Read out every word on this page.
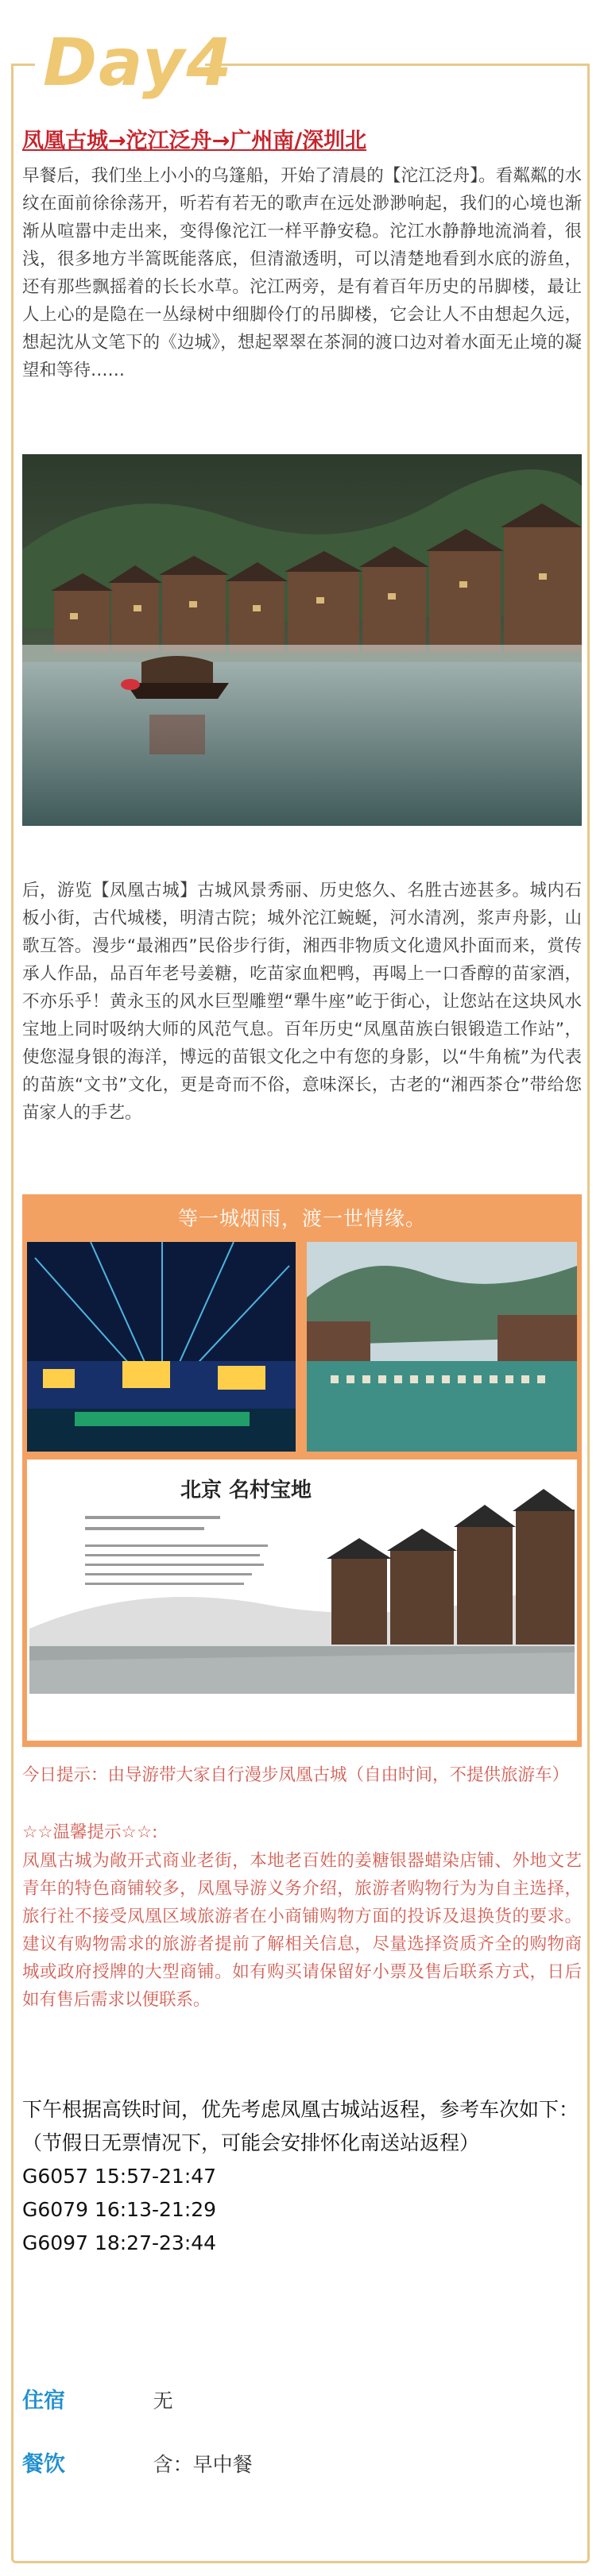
Day4
凤凰古城→沱江泛舟→广州南/深圳北

早餐后，我们坐上小小的乌篷船，开始了清晨的【沱江泛舟】。看粼粼的水纹在面前徐徐荡开，听若有若无的歌声在远处渺渺响起，我们的心境也渐渐从喧嚣中走出来，变得像沱江一样平静安稳。沱江水静静地流淌着，很浅，很多地方半篙既能落底，但清澈透明，可以清楚地看到水底的游鱼，还有那些飘摇着的长长水草。沱江两旁，是有着百年历史的吊脚楼，最让人上心的是隐在一丛绿树中细脚伶仃的吊脚楼，它会让人不由想起久远，想起沈从文笔下的《边城》，想起翠翠在茶洞的渡口边对着水面无止境的凝望和等待……

后，游览【凤凰古城】古城风景秀丽、历史悠久、名胜古迹甚多。城内石板小街，古代城楼，明清古院；城外沱江蜿蜒，河水清冽，浆声舟影，山歌互答。漫步“最湘西”民俗步行街，湘西非物质文化遗风扑面而来，赏传承人作品，品百年老号姜糖，吃苗家血粑鸭，再喝上一口香醇的苗家酒，不亦乐乎！黄永玉的风水巨型雕塑“犟牛座”屹于街心，让您站在这块风水宝地上同时吸纳大师的风范气息。百年历史“凤凰苗族白银锻造工作站”，使您湿身银的海洋，博远的苗银文化之中有您的身影，以“牛角梳”为代表的苗族“文书”文化，更是奇而不俗，意味深长，古老的“湘西茶仓”带给您苗家人的手艺。

等一城烟雨，渡一世情缘。
北京 名村宝地

今日提示：由导游带大家自行漫步凤凰古城（自由时间，不提供旅游车）

☆☆温馨提示☆☆:

凤凰古城为敞开式商业老街，本地老百姓的姜糖银器蜡染店铺、外地文艺青年的特色商铺较多，凤凰导游义务介绍，旅游者购物行为为自主选择，旅行社不接受凤凰区域旅游者在小商铺购物方面的投诉及退换货的要求。建议有购物需求的旅游者提前了解相关信息，尽量选择资质齐全的购物商城或政府授牌的大型商铺。如有购买请保留好小票及售后联系方式，日后如有售后需求以便联系。

下午根据高铁时间，优先考虑凤凰古城站返程，参考车次如下：（节假日无票情况下，可能会安排怀化南送站返程）
G6057 15:57-21:47
G6079 16:13-21:29
G6097 18:27-23:44
住宿	无
餐饮	含：早中餐
